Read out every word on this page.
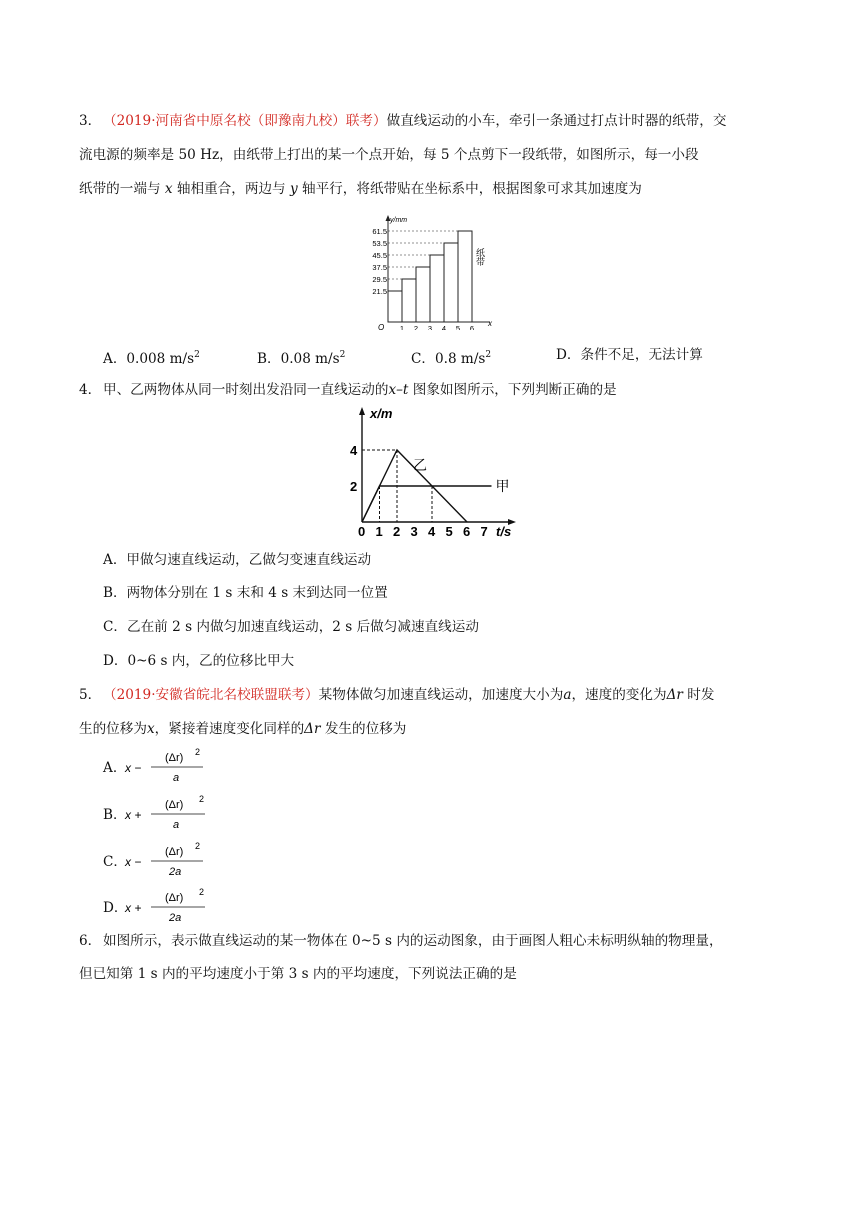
3． （2019·河南省中原名校（即豫南九校）联考）做直线运动的小车，牵引一条通过打点计时器的纸带，交
流电源的频率是 50 Hz，由纸带上打出的某一个点开始，每 5 个点剪下一段纸带，如图所示，每一小段
纸带的一端与 x 轴相重合，两边与 y 轴平行，将纸带贴在坐标系中，根据图象可求其加速度为
y/mm
x
O
61.5
53.5
45.5
37.5
29.5
21.5
1 2 3 4 5 6
纸带
A．0.008 $m/s^2$	B．0.08 $m/s^2$	C．0.8 $m/s^2$	D．条件不足，无法计算
4． 甲、乙两物体从同一时刻出发沿同一直线运动的x–t 图象如图所示，下列判断正确的是
x/m
t/s
4
2
0 1 2 3 4 5 6 7
乙
甲
A．甲做匀速直线运动，乙做匀变速直线运动
B．两物体分别在 1 s 末和 4 s 末到达同一位置
C．乙在前 2 s 内做匀加速直线运动，2 s 后做匀减速直线运动
D．0~6 s 内，乙的位移比甲大
5． （2019·安徽省皖北名校联盟联考）某物体做匀加速直线运动，加速度大小为a，速度的变化为Δr 时发
生的位移为x，紧接着速度变化同样的Δr 发生的位移为
A．
x −
(Δr) 2
a
B．
x +
(Δr) 2
a
C．
x −
(Δr) 2
2a
D．
x +
(Δr) 2
2a
6． 如图所示，表示做直线运动的某一物体在 0~5 s 内的运动图象，由于画图人粗心未标明纵轴的物理量，
但已知第 1 s 内的平均速度小于第 3 s 内的平均速度，下列说法正确的是
